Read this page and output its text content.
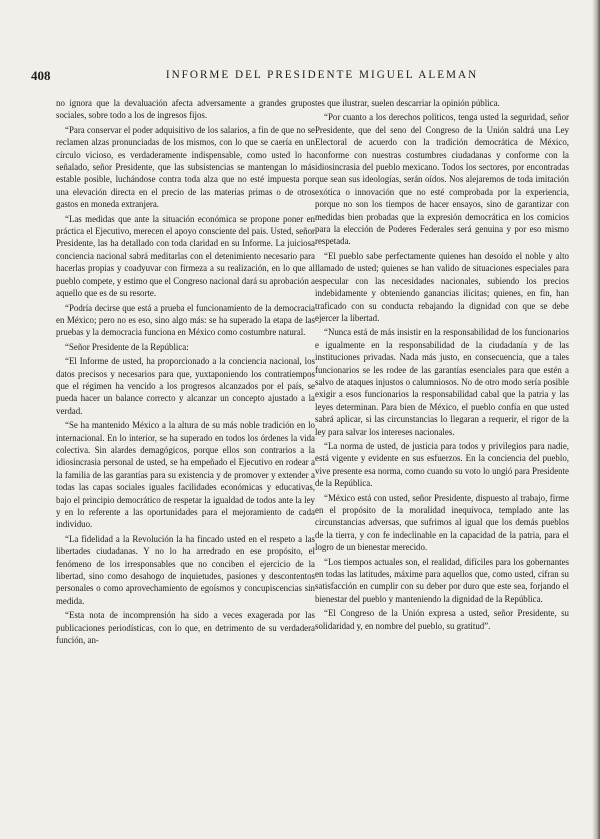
408	INFORME DEL PRESIDENTE MIGUEL ALEMAN

no ignora que la devaluación afecta adversamente a grandes grupos sociales, sobre todo a los de ingresos fijos.

“Para conservar el poder adquisitivo de los salarios, a fin de que no se reclamen alzas pronunciadas de los mismos, con lo que se caería en un círculo vicioso, es verdaderamente indispensable, como usted lo ha señalado, señor Presidente, que las subsistencias se mantengan lo más estable posible, luchándose contra toda alza que no esté impuesta por una elevación directa en el precio de las materias primas o de otros gastos en moneda extranjera.

“Las medidas que ante la situación económica se propone poner en práctica el Ejecutivo, merecen el apoyo consciente del país. Usted, señor Presidente, las ha detallado con toda claridad en su Informe. La juiciosa conciencia nacional sabrá meditarlas con el detenimiento necesario para hacerlas propias y coadyuvar con firmeza a su realización, en lo que al pueblo compete, y estimo que el Congreso nacional dará su aprobación a aquello que es de su resorte.

“Podría decirse que está a prueba el funcionamiento de la democracia en México; pero no es eso, sino algo más: se ha superado la etapa de las pruebas y la democracia funciona en México como costumbre natural.

“Señor Presidente de la República:

“El Informe de usted, ha proporcionado a la conciencia nacional, los datos precisos y necesarios para que, yuxtaponiendo los contratiempos que el régimen ha vencido a los progresos alcanzados por el país, se pueda hacer un balance correcto y alcanzar un concepto ajustado a la verdad.

“Se ha mantenido México a la altura de su más noble tradición en lo internacional. En lo interior, se ha superado en todos los órdenes la vida colectiva. Sin alardes demagógicos, porque ellos son contrarios a la idiosincrasia personal de usted, se ha empeñado el Ejecutivo en rodear a la familia de las garantías para su existencia y de promover y extender a todas las capas sociales iguales facilidades económicas y educativas, bajo el principio democrático de respetar la igualdad de todos ante la ley y en lo referente a las oportunidades para el mejoramiento de cada individuo.

“La fidelidad a la Revolución la ha fincado usted en el respeto a las libertades ciudadanas. Y no lo ha arredrado en ese propósito, el fenómeno de los irresponsables que no conciben el ejercicio de la libertad, sino como desahogo de inquietudes, pasiones y descontentos personales o como aprovechamiento de egoísmos y concupiscencias sin medida.

“Esta nota de incomprensión ha sido a veces exagerada por las publicaciones periodísticas, con lo que, en detrimento de su verdadera función, an-

tes que ilustrar, suelen descarriar la opinión pública.

“Por cuanto a los derechos políticos, tenga usted la seguridad, señor Presidente, que del seno del Congreso de la Unión saldrá una Ley Electoral de acuerdo con la tradición democrática de México, conforme con nuestras costumbres ciudadanas y conforme con la idiosincrasia del pueblo mexicano. Todos los sectores, por encontradas que sean sus ideologías, serán oídos. Nos alejaremos de toda imitación exótica o innovación que no esté comprobada por la experiencia, porque no son los tiempos de hacer ensayos, sino de garantizar con medidas bien probadas que la expresión democrática en los comicios para la elección de Poderes Federales será genuina y por eso mismo respetada.

“El pueblo sabe perfectamente quienes han desoído el noble y alto llamado de usted; quienes se han valido de situaciones especiales para especular con las necesidades nacionales, subiendo los precios indebidamente y obteniendo ganancias ilícitas; quienes, en fin, han traficado con su conducta rebajando la dignidad con que se debe ejercer la libertad.

“Nunca está de más insistir en la responsabilidad de los funcionarios e igualmente en la responsabilidad de la ciudadanía y de las instituciones privadas. Nada más justo, en consecuencia, que a tales funcionarios se les rodee de las garantías esenciales para que estén a salvo de ataques injustos o calumniosos. No de otro modo sería posible exigir a esos funcionarios la responsabilidad cabal que la patria y las leyes determinan. Para bien de México, el pueblo confía en que usted sabrá aplicar, si las circunstancias lo llegaran a requerir, el rigor de la ley para salvar los intereses nacionales.

“La norma de usted, de justicia para todos y privilegios para nadie, está vigente y evidente en sus esfuerzos. En la conciencia del pueblo, vive presente esa norma, como cuando su voto lo ungió para Presidente de la República.

“México está con usted, señor Presidente, dispuesto al trabajo, firme en el propósito de la moralidad inequívoca, templado ante las circunstancias adversas, que sufrimos al igual que los demás pueblos de la tierra, y con fe indeclinable en la capacidad de la patria, para el logro de un bienestar merecido.

“Los tiempos actuales son, el realidad, difíciles para los gobernantes en todas las latitudes, máxime para aquellos que, como usted, cifran su satisfacción en cumplir con su deber por duro que este sea, forjando el bienestar del pueblo y manteniendo la dignidad de la República.

“El Congreso de la Unión expresa a usted, señor Presidente, su solidaridad y, en nombre del pueblo, su gratitud”.
